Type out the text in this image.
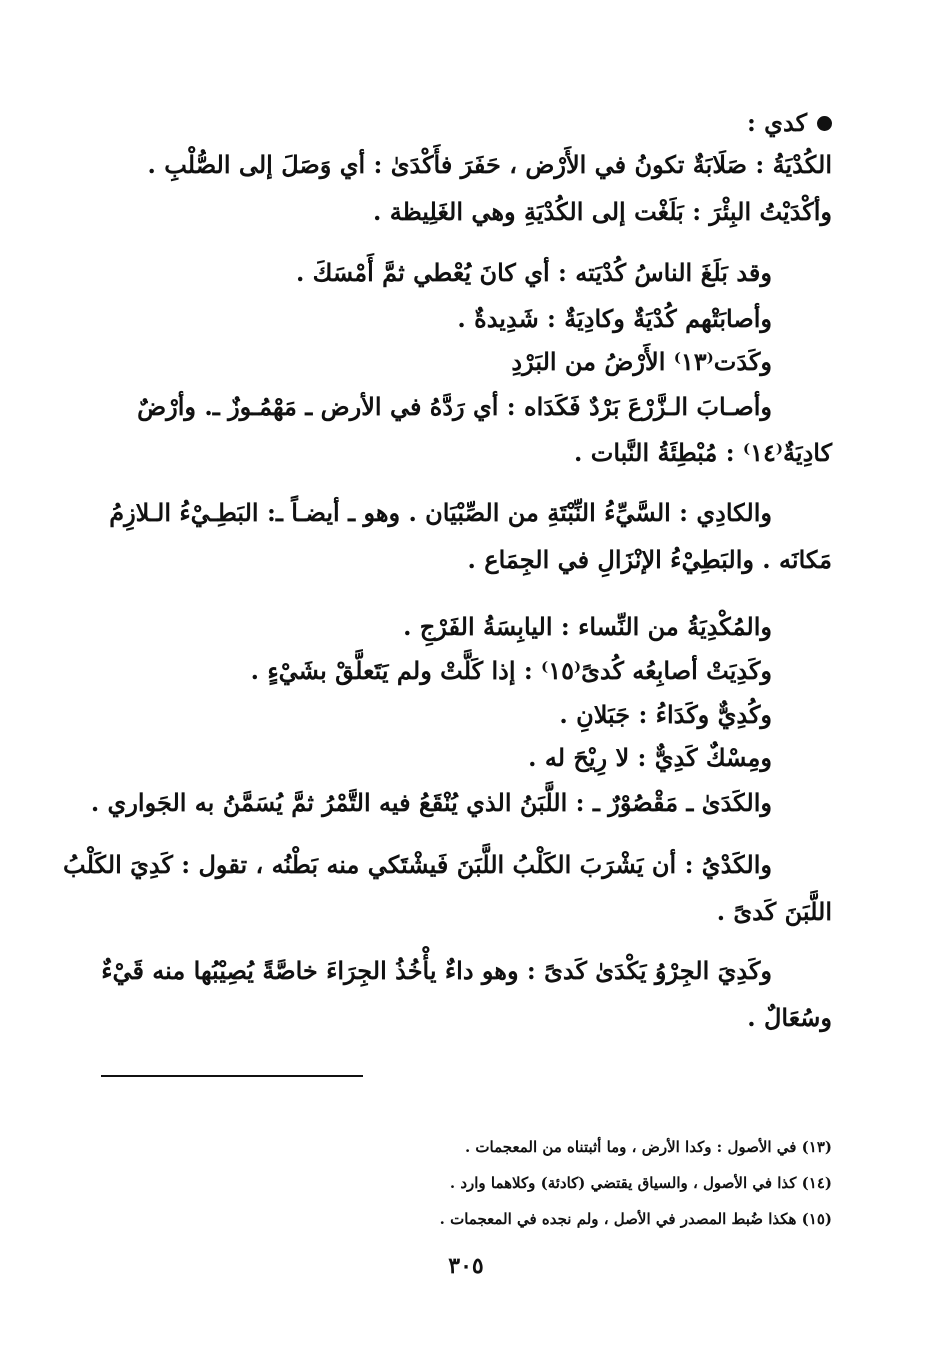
كدي :
الكُدْيَةُ : صَلَابَةٌ تكونُ في الأَرْض ، حَفَرَ فأَكْدَىٰ : أي وَصَلَ إلى الصُّلْبِ .
وأكْدَيْتُ البِئْرَ : بَلَغْت إلى الكُدْيَةِ وهي الغَلِيظة .
وقد بَلَغَ الناسُ كُدْيَته : أي كانَ يُعْطي ثمَّ أَمْسَكَ .
وأصابَتْهم كُدْيَةٌ وكادِيَةٌ : شَدِيدةٌ .
وكَدَت⁽١٣⁾ الأَرْضُ من البَرْدِ
وأصـابَ الـزَّرْعَ بَرْدٌ فَكَدَاه : أي رَدَّهُ في الأرض ـ مَهْمُـوزٌ ـ. وأرْضٌ
كادِيَةٌ⁽١٤⁾ : مُبْطِئَةُ النَّبات .
والكادِي : السَّيِّءُ النِّبْتَةِ من الصِّبْيَان . وهو ـ أيضـاً ـ: البَطِـيْءُ الـلازِمُ
مَكانَه . والبَطِيْءُ الإنْزَالِ في الجِمَاع .
والمُكْدِيَةُ من النِّساء : اليابِسَةُ الفَرْجِ .
وكَدِيَتْ أصابِعُه كُدىً⁽١٥⁾ : إذا كَلَّتْ ولم يَتَعلَّقْ بشَيْءٍ .
وكُدِيٌّ وكَدَاءُ : جَبَلانِ .
ومِسْكٌ كَدِيٌّ : لا رِيْحَ له .
والكَدَىٰ ـ مَقْصُوْرٌ ـ : اللَّبَنُ الذي يُنْقَعُ فيه التَّمْرُ ثمَّ يُسَمَّنُ به الجَواري .
والكَدْيُ : أن يَشْرَبَ الكَلْبُ اللَّبَنَ فَيشْتَكي منه بَطْنُه ، تقول : كَدِيَ الكَلْبُ
اللَّبَنَ كَدىً .
وكَدِيَ الجِرْوُ يَكْدَىٰ كَدىً : وهو داءٌ يأْخُذُ الجِرَاءَ خاصَّةً يُصِيْبُها منه قَيْءٌ
وسُعَالٌ .
(١٣) في الأصول : وكدا الأرض ، وما أثبتناه من المعجمات .
(١٤) كذا في الأصول ، والسياق يقتضي (كادئة) وكلاهما وارد .
(١٥) هكذا ضُبط المصدر في الأصل ، ولم نجده في المعجمات .
٣٠٥
